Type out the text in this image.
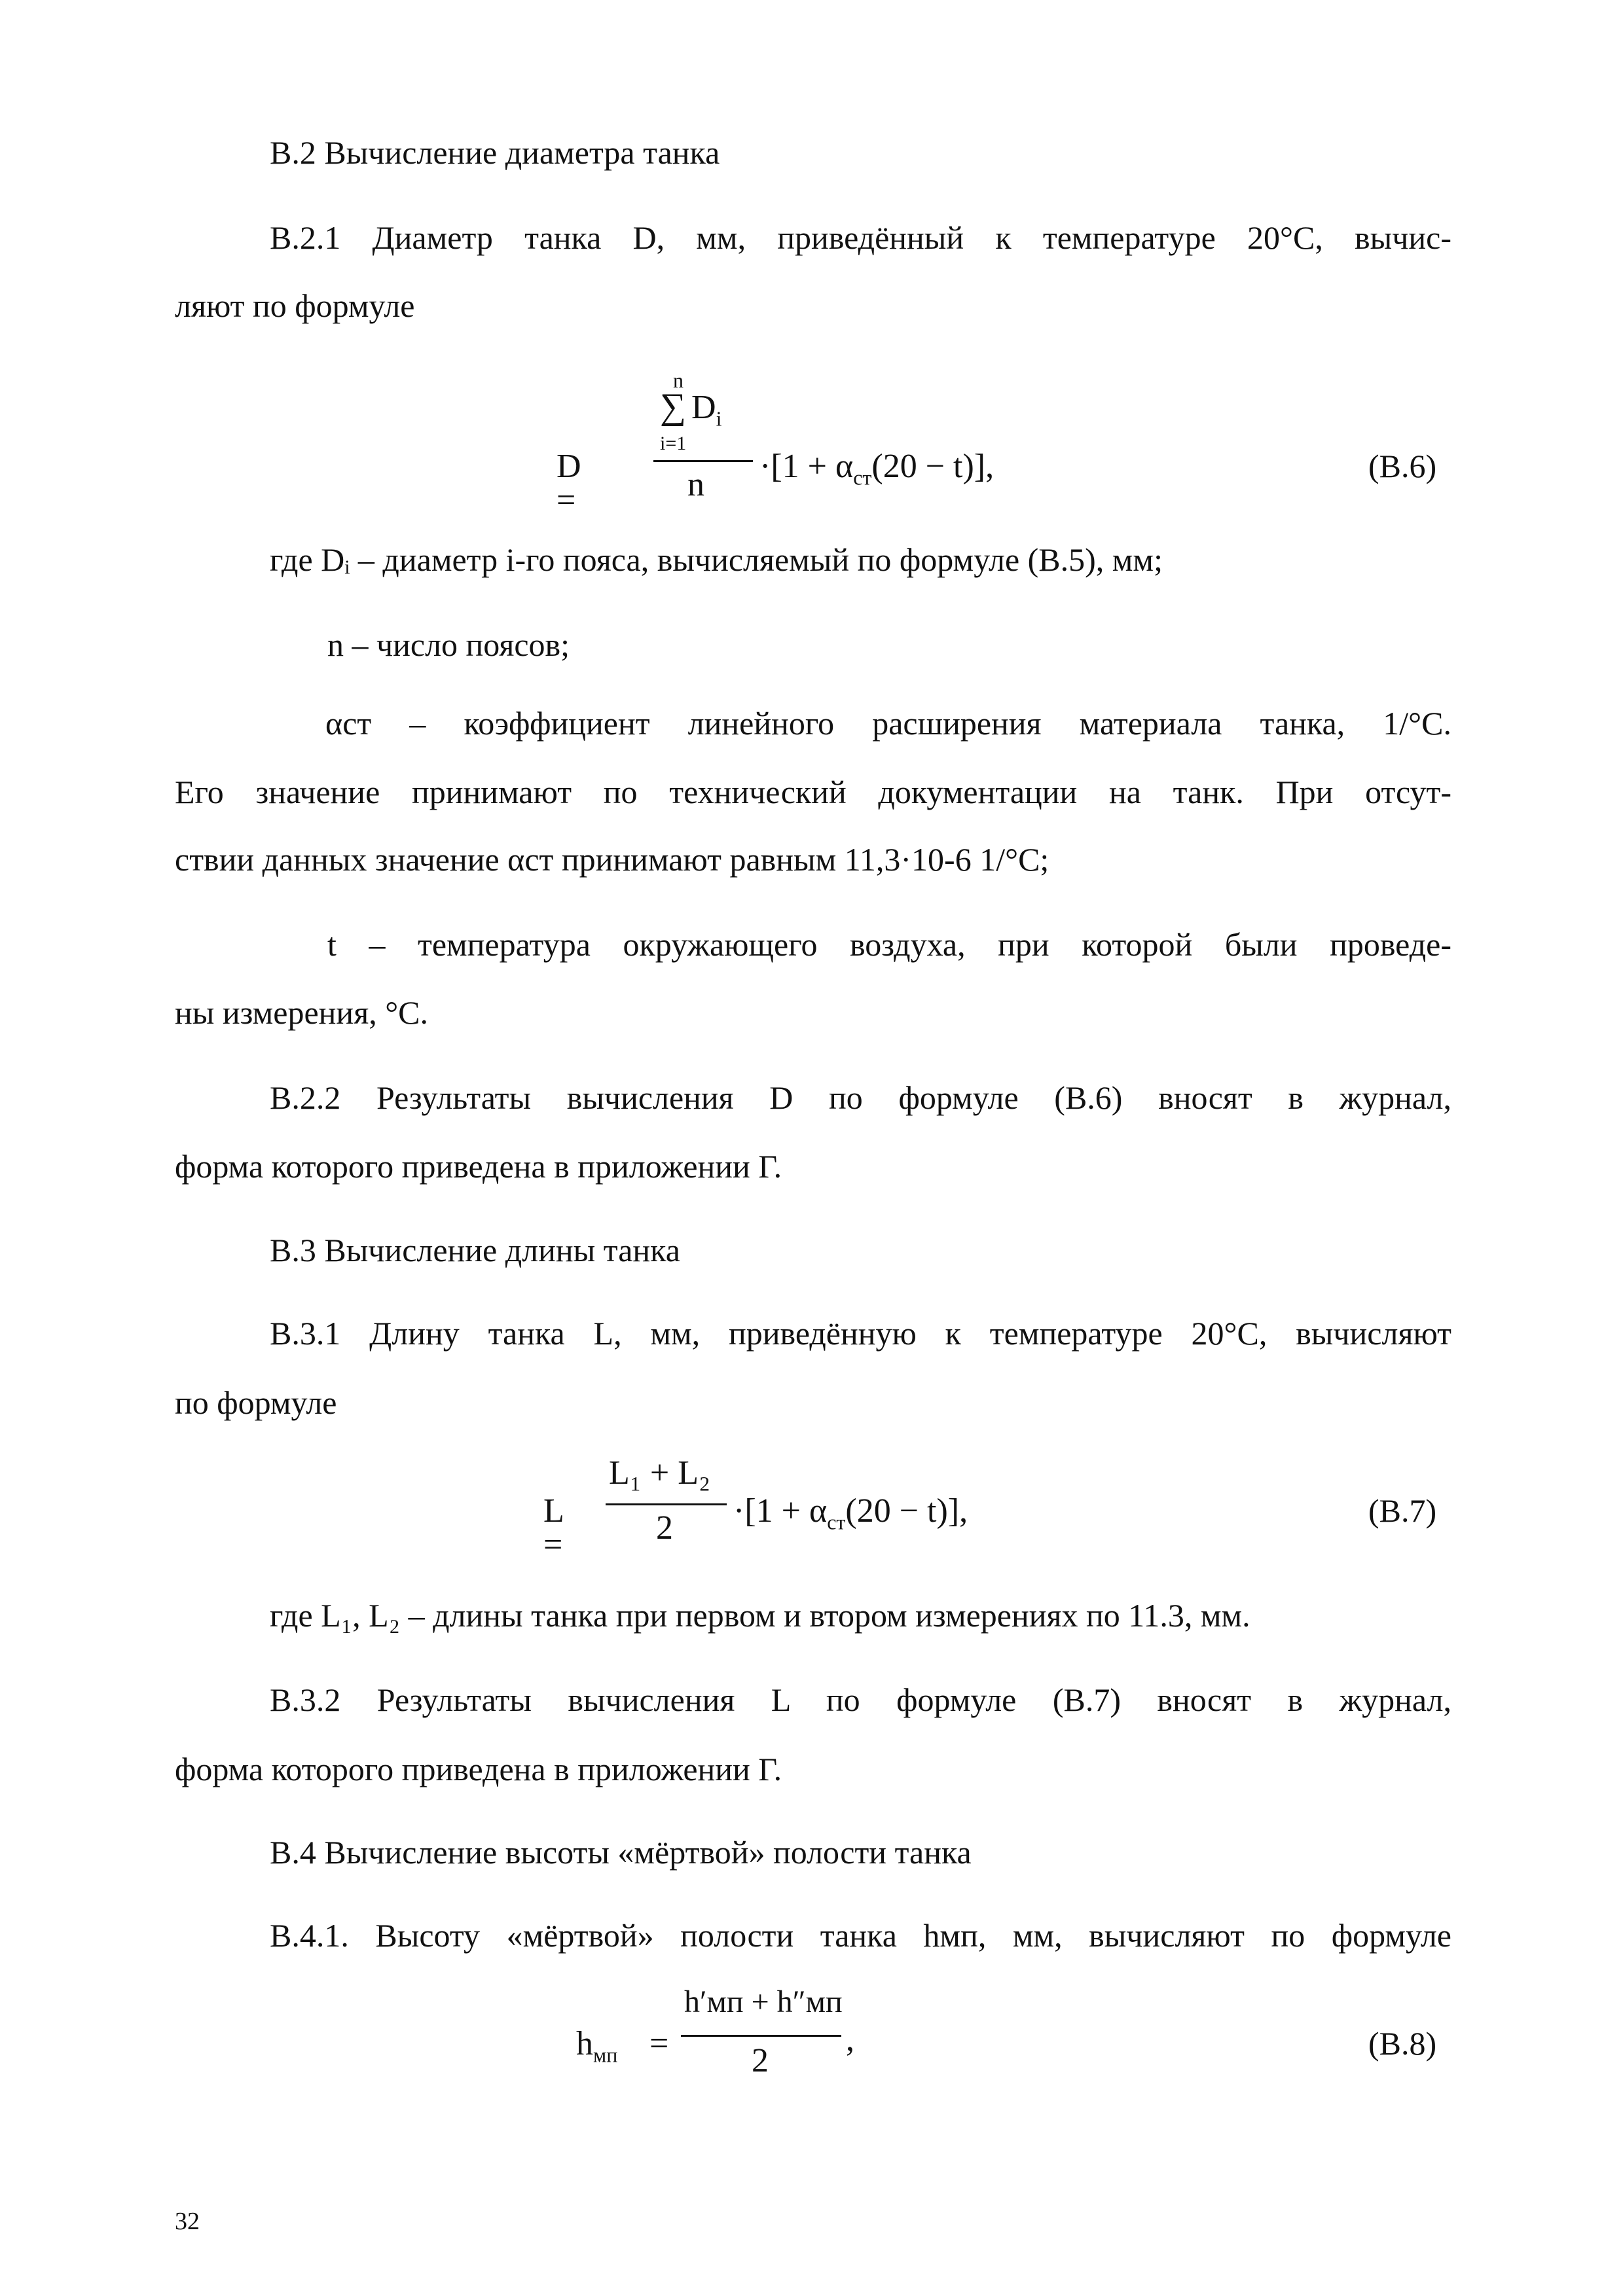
В.2 Вычисление диаметра танка
В.2.1 Диаметр танка D, мм, приведённый к температуре 20°С, вычис-
ляют по формуле
D =
n
∑ $D_i$
i=1
$n \cdot[1 + \alpha_{ст}(20 - t)]$,	(В.6)
где Dᵢ – диаметр i-го пояса, вычисляемый по формуле (В.5), мм;
n – число поясов;
αст – коэффициент линейного расширения материала танка, 1/°С.
Его значение принимают по технический документации на танк. При отсут-
ствии данных значение αст принимают равным 11,3·10-6 1/°С;
t – температура окружающего воздуха, при которой были проведе-
ны измерения, °С.
В.2.2 Результаты вычисления D по формуле (В.6) вносят в журнал,
форма которого приведена в приложении Г.
В.3 Вычисление длины танка
В.3.1 Длину танка L, мм, приведённую к температуре 20°С, вычисляют
по формуле
L =
L₁ + L₂
$2 \cdot[1 + \alpha_{ст}(20 - t)]$,	(В.7)
где L₁, L₂ – длины танка при первом и втором измерениях по 11.3, мм.
В.3.2 Результаты вычисления L по формуле (В.7) вносят в журнал,
форма которого приведена в приложении Г.
В.4 Вычисление высоты «мёртвой» полости танка
В.4.1. Высоту «мёртвой» полости танка hмп, мм, вычисляют по формуле
$h_{мп}$ =
h′мп + h″мп
2
,	(В.8)
32
